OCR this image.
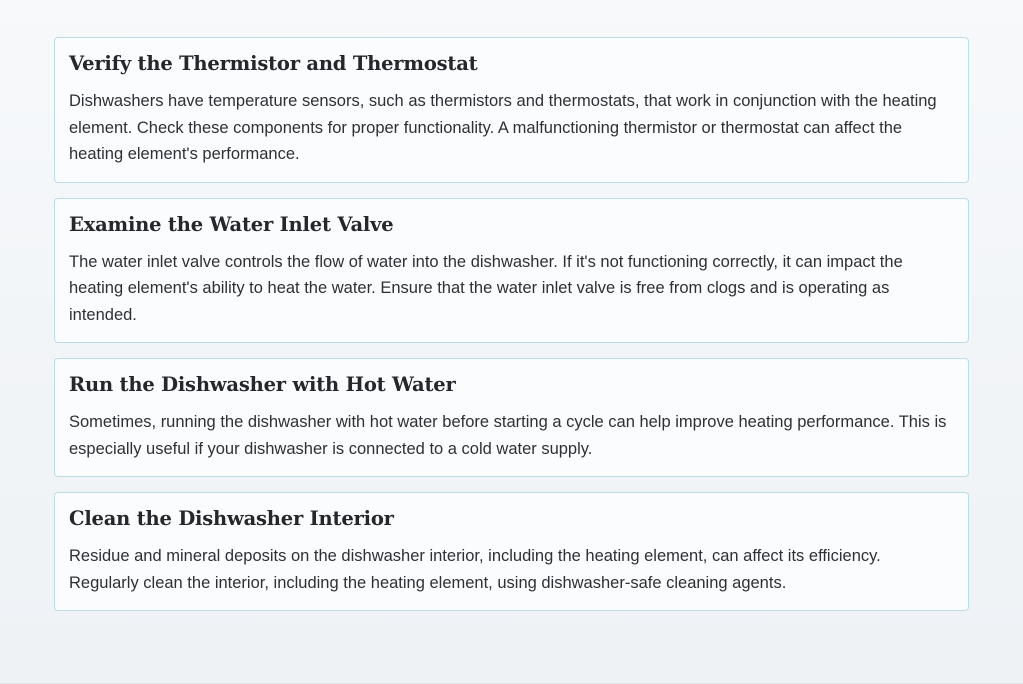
Verify the Thermistor and Thermostat

Dishwashers have temperature sensors, such as thermistors and thermostats, that work in conjunction with the heating element. Check these components for proper functionality. A malfunctioning thermistor or thermostat can affect the heating element's performance.

Examine the Water Inlet Valve

The water inlet valve controls the flow of water into the dishwasher. If it's not functioning correctly, it can impact the heating element's ability to heat the water. Ensure that the water inlet valve is free from clogs and is operating as intended.

Run the Dishwasher with Hot Water

Sometimes, running the dishwasher with hot water before starting a cycle can help improve heating performance. This is especially useful if your dishwasher is connected to a cold water supply.

Clean the Dishwasher Interior

Residue and mineral deposits on the dishwasher interior, including the heating element, can affect its efficiency. Regularly clean the interior, including the heating element, using dishwasher-safe cleaning agents.
